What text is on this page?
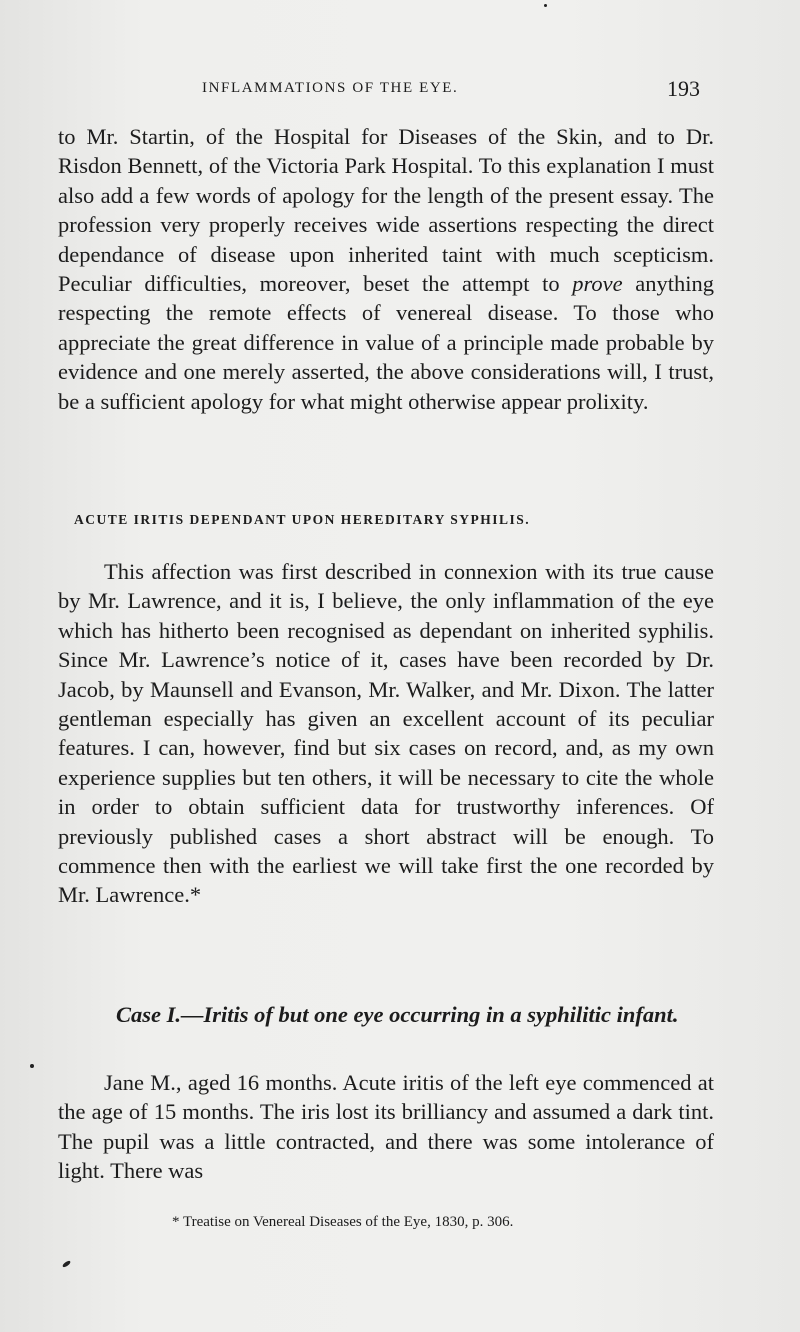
INFLAMMATIONS OF THE EYE.	193

to Mr. Startin, of the Hospital for Diseases of the Skin, and to Dr. Risdon Bennett, of the Victoria Park Hospital. To this explanation I must also add a few words of apology for the length of the present essay. The profession very properly receives wide assertions respecting the direct dependance of disease upon inherited taint with much scepticism. Peculiar difficulties, moreover, beset the attempt to prove anything respecting the remote effects of venereal disease. To those who appreciate the great difference in value of a principle made probable by evidence and one merely asserted, the above considerations will, I trust, be a sufficient apology for what might otherwise appear prolixity.

ACUTE IRITIS DEPENDANT UPON HEREDITARY SYPHILIS.

This affection was first described in connexion with its true cause by Mr. Lawrence, and it is, I believe, the only inflammation of the eye which has hitherto been recognised as dependant on inherited syphilis. Since Mr. Lawrence’s notice of it, cases have been recorded by Dr. Jacob, by Maunsell and Evanson, Mr. Walker, and Mr. Dixon. The latter gentleman especially has given an excellent account of its peculiar features. I can, however, find but six cases on record, and, as my own experience supplies but ten others, it will be necessary to cite the whole in order to obtain sufficient data for trustworthy inferences. Of previously published cases a short abstract will be enough. To commence then with the earliest we will take first the one recorded by Mr. Lawrence.*

Case I.—Iritis of but one eye occurring in a syphilitic infant.

Jane M., aged 16 months. Acute iritis of the left eye commenced at the age of 15 months. The iris lost its brilliancy and assumed a dark tint. The pupil was a little contracted, and there was some intolerance of light. There was

* Treatise on Venereal Diseases of the Eye, 1830, p. 306.
